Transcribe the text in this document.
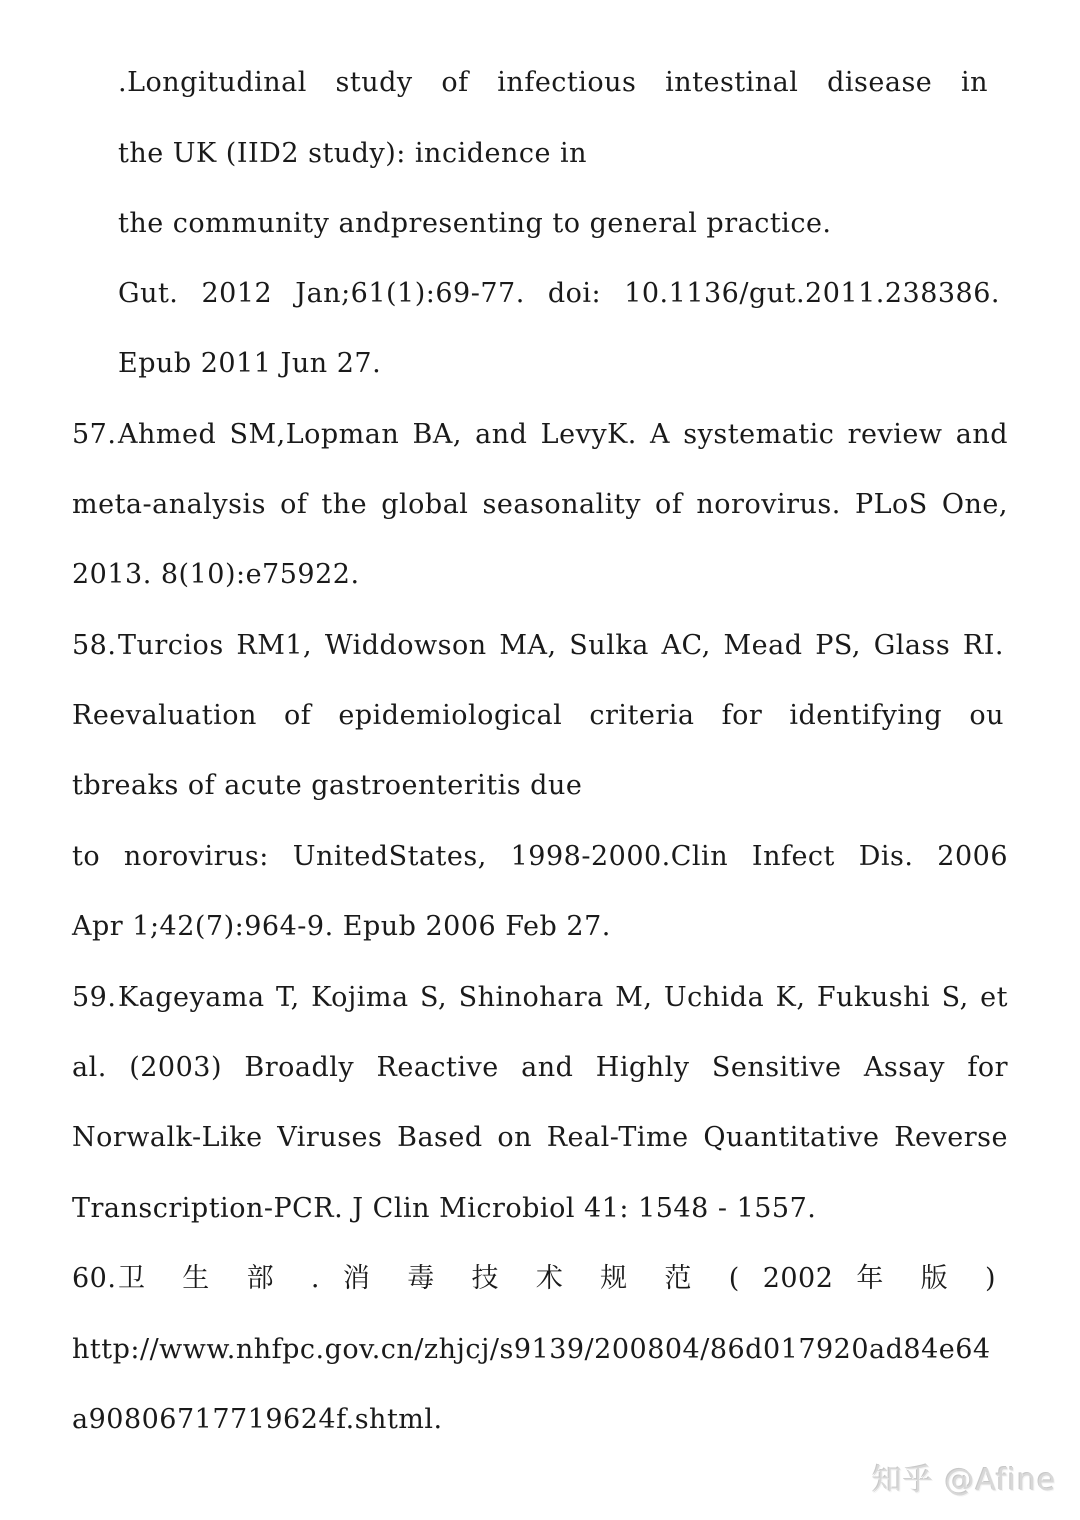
.Longitudinal study of infectious intestinal disease in
the UK (IID2 study): incidence in
the community andpresenting to general practice.
Gut. 2012 Jan;61(1):69-77. doi: 10.1136/gut.2011.238386.
Epub 2011 Jun 27.
57. Ahmed SM,Lopman BA, and LevyK. A systematic review and
meta-analysis of the global seasonality of norovirus. PLoS One,
2013. 8(10):e75922.
58. Turcios RM1, Widdowson MA, Sulka AC, Mead PS, Glass RI.
Reevaluation of epidemiological criteria for identifying ou
tbreaks of acute gastroenteritis due
to norovirus: UnitedStates, 1998-2000.Clin Infect Dis. 2006
Apr 1;42(7):964-9. Epub 2006 Feb 27.
59. Kageyama T, Kojima S, Shinohara M, Uchida K, Fukushi S, et
al. (2003) Broadly Reactive and Highly Sensitive Assay for
Norwalk-Like Viruses Based on Real-Time Quantitative Reverse
Transcription-PCR. J Clin Microbiol 41: 1548 - 1557.
60. 卫 生 部 . 消 毒 技 术 规 范 ( 2002 年 版 )
http://www.nhfpc.gov.cn/zhjcj/s9139/200804/86d017920ad84e64
a90806717719624f.shtml.
知乎 @Afine
